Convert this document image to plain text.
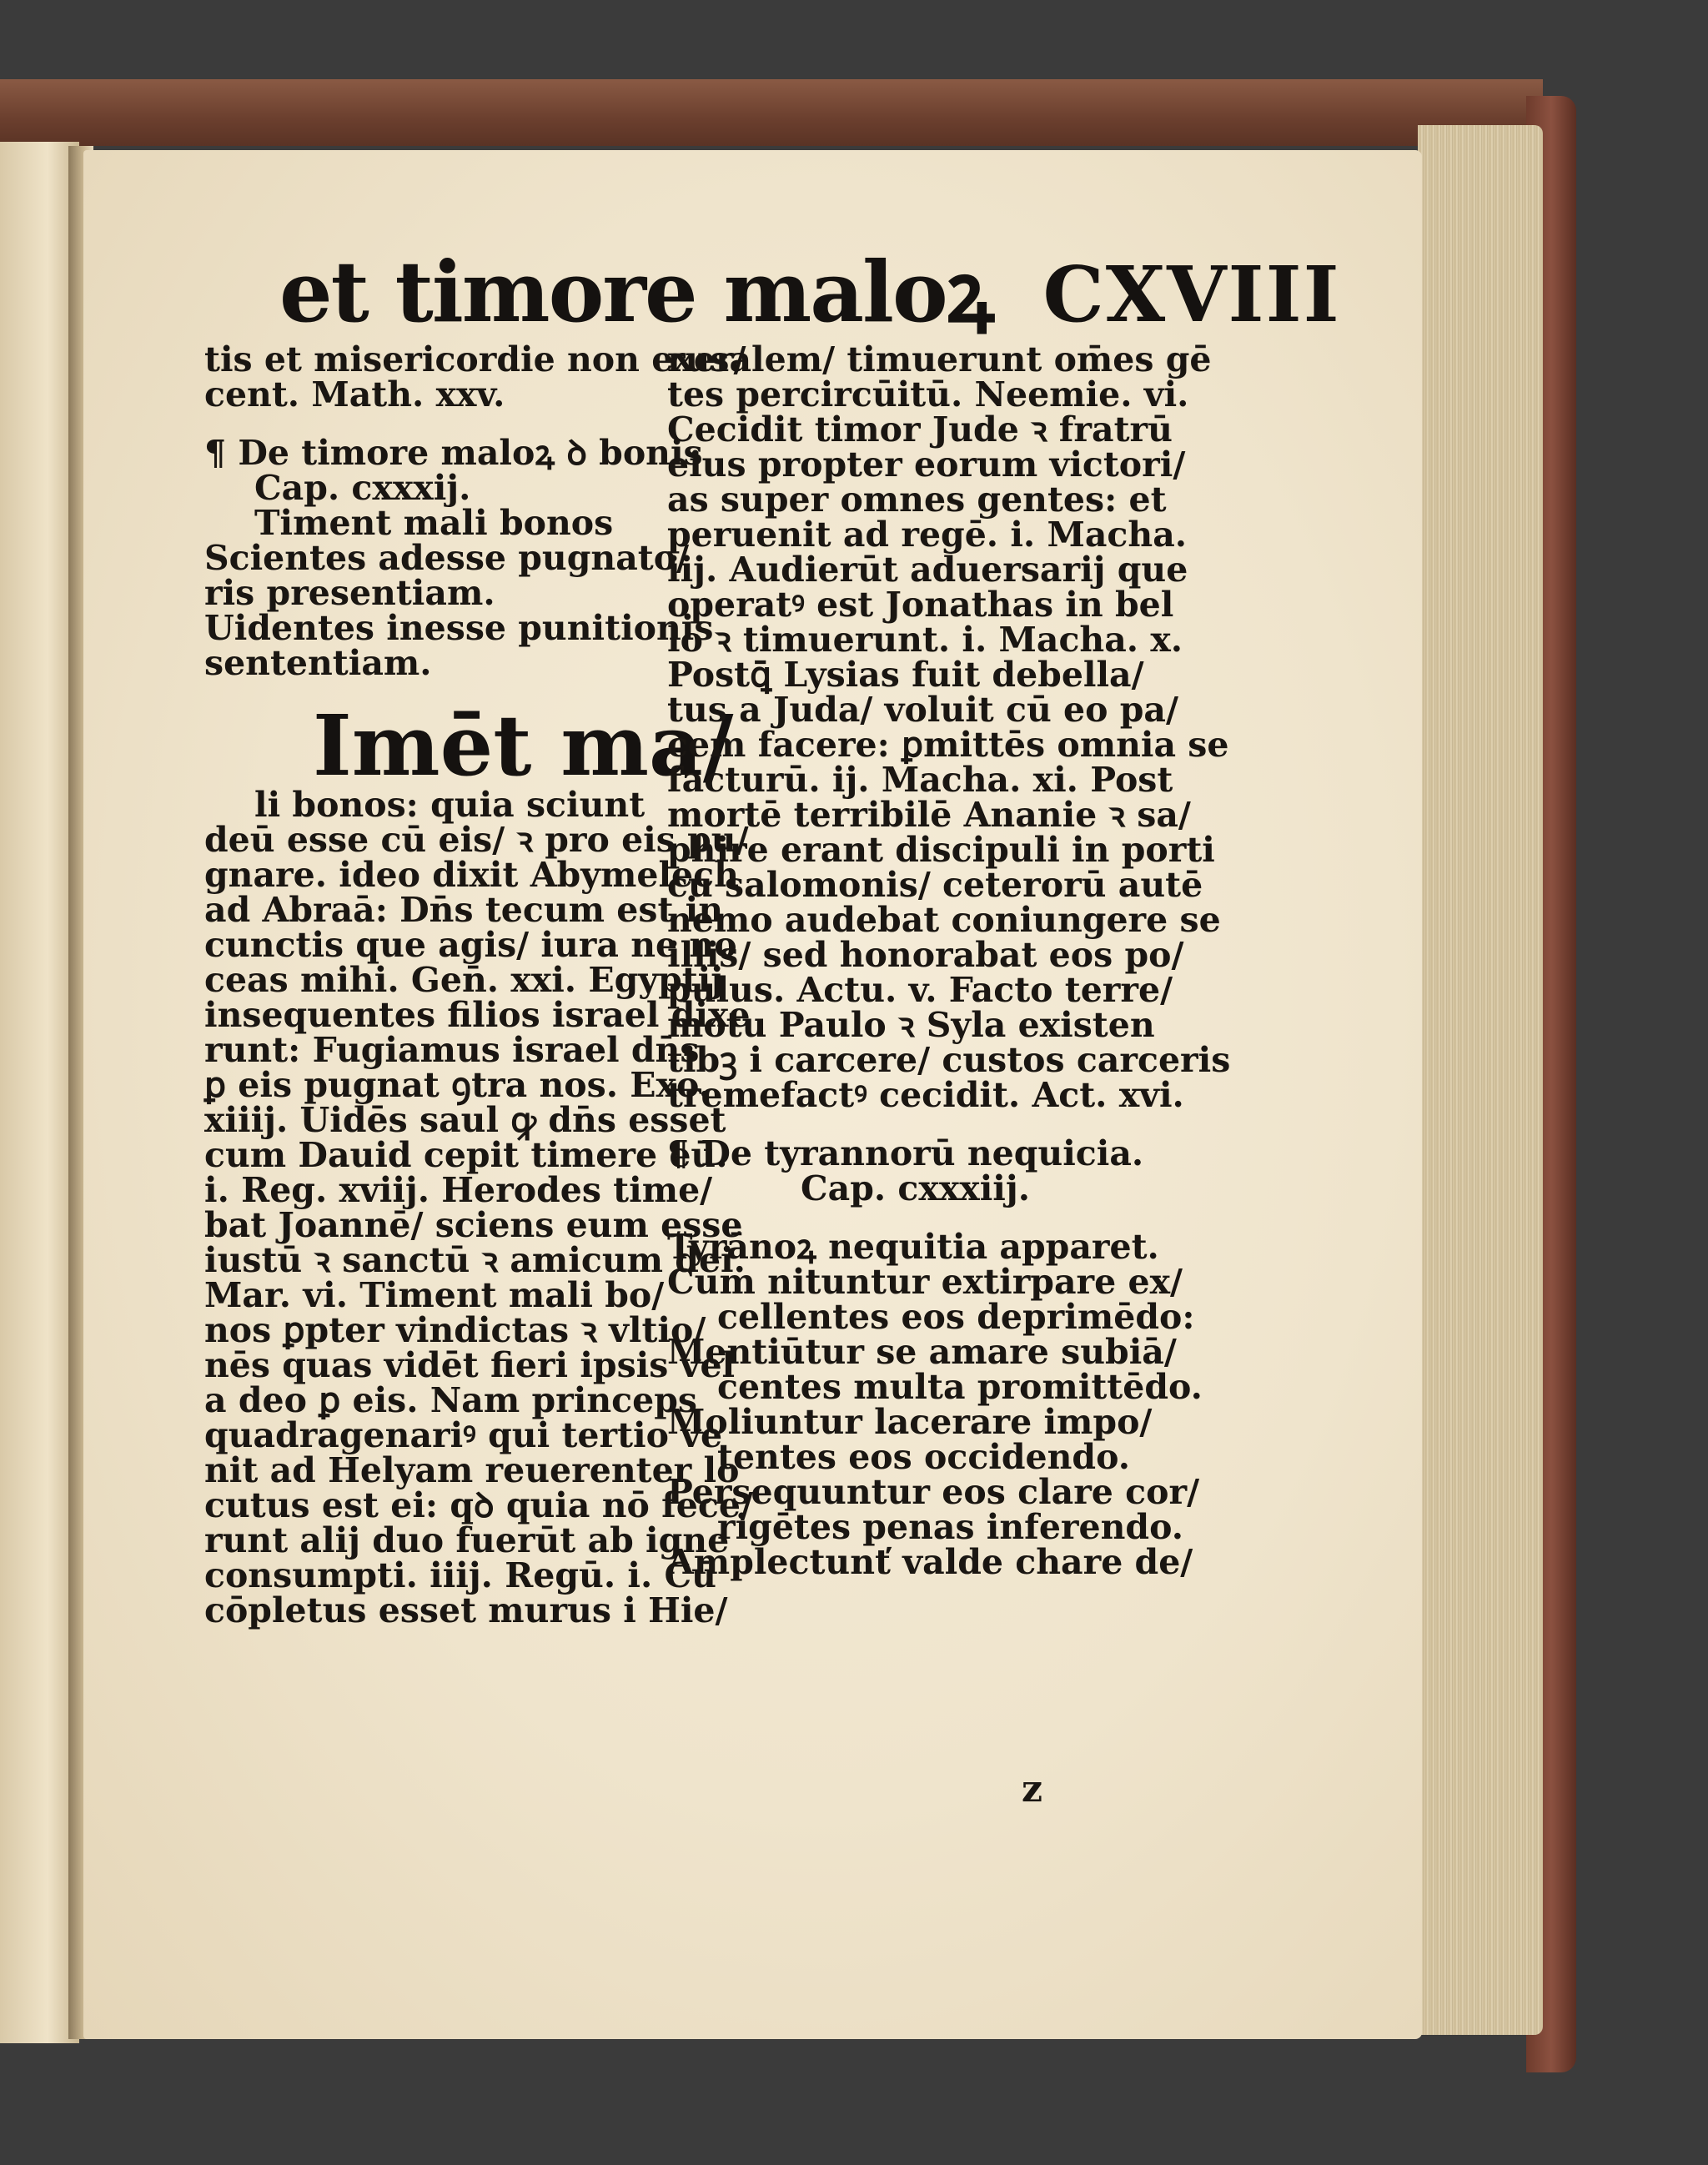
et timore maloꝝ CXVIII
tis et misericordie non exer/
cent. Math. xxv.
¶ De timore maloꝝ ꝺ bonis
Cap. cxxxij.
Timent mali bonos
Scientes adesse pugnato/
ris presentiam.
Uidentes inesse punitionis
sententiam.
Imēt ma/
li bonos: quia sciunt
deū esse cū eis/ ꝛ pro eis pu/
gnare. ideo dixit Abymelech
ad Abraā: Dn̄s tecum est in
cunctis que agis/ iura ne no
ceas mihi. Gen̄. xxi. Egyptij
insequentes filios israel dixe
runt: Fugiamus israel dn̄s
ꝑ eis pugnat ꝯtra nos. Exo.
xiiij. Uidēs saul ꝙ dn̄s esset
cum Dauid cepit timere eū.
i. Reg. xviij. Herodes time/
bat Joannē/ sciens eum esse
iustū ꝛ sanctū ꝛ amicum dei.
Mar. vi. Timent mali bo/
nos ꝑpter vindictas ꝛ vltio/
nēs quas vidēt fieri ipsis vel
a deo ꝑ eis. Nam princeps
quadragenariꝰ qui tertio ve
nit ad Helyam reuerenter lo
cutus est ei: qꝺ quia nō fece/
runt alij duo fuerūt ab igne
consumpti. iiij. Regū. i. Cū
cōpletus esset murus i Hie/
rusalem/ timuerunt om̄es gē
tes percircūitū. Neemie. vi.
Cecidit timor Jude ꝛ fratrū
eius propter eorum victori/
as super omnes gentes: et
peruenit ad regē. i. Macha.
iij. Audierūt aduersarij que
operatꝰ est Jonathas in bel
lo ꝛ timuerunt. i. Macha. x.
Postꝗ̄ Lysias fuit debella/
tus a Juda/ voluit cū eo pa/
cem facere: ꝑmittēs omnia se
facturū. ij. Macha. xi. Post
mortē terribilē Ananie ꝛ sa/
phire erant discipuli in porti
cu salomonis/ ceterorū autē
nemo audebat coniungere se
illis/ sed honorabat eos po/
pulus. Actu. v. Facto terre/
motu Paulo ꝛ Syla existen
tibꝫ i carcere/ custos carceris
tremefactꝰ cecidit. Act. xvi.
¶ De tyrannorū nequicia.
Cap. cxxxiij.
Tyrānoꝝ nequitia apparet.
Cum nituntur extirpare ex/
cellentes eos deprimēdo:
Mentiūtur se amare subiā/
centes multa promittēdo.
Moliuntur lacerare impo/
tentes eos occidendo.
Persequuntur eos clare cor/
rigētes penas inferendo.
Amplectunť valde chare de/
z
